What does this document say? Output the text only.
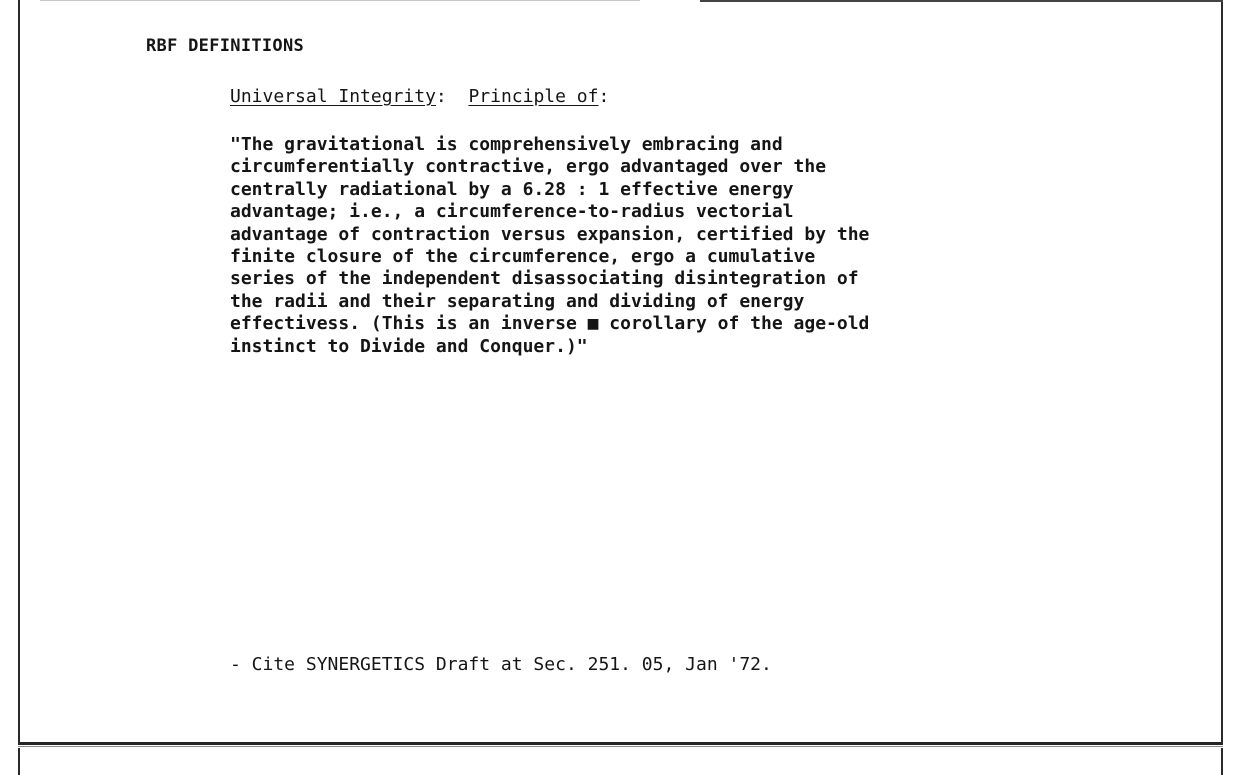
RBF DEFINITIONS
Universal Integrity: Principle of:
"The gravitational is comprehensively embracing and
circumferentially contractive, ergo advantaged over the
centrally radiational by a 6.28 : 1 effective energy
advantage; i.e., a circumference-to-radius vectorial
advantage of contraction versus expansion, certified by the
finite closure of the circumference, ergo a cumulative
series of the independent disassociating disintegration of
the radii and their separating and dividing of energy
effectivess. (This is an inverse ■ corollary of the age-old
instinct to Divide and Conquer.)"
- Cite SYNERGETICS Draft at Sec. 251. 05, Jan '72.
